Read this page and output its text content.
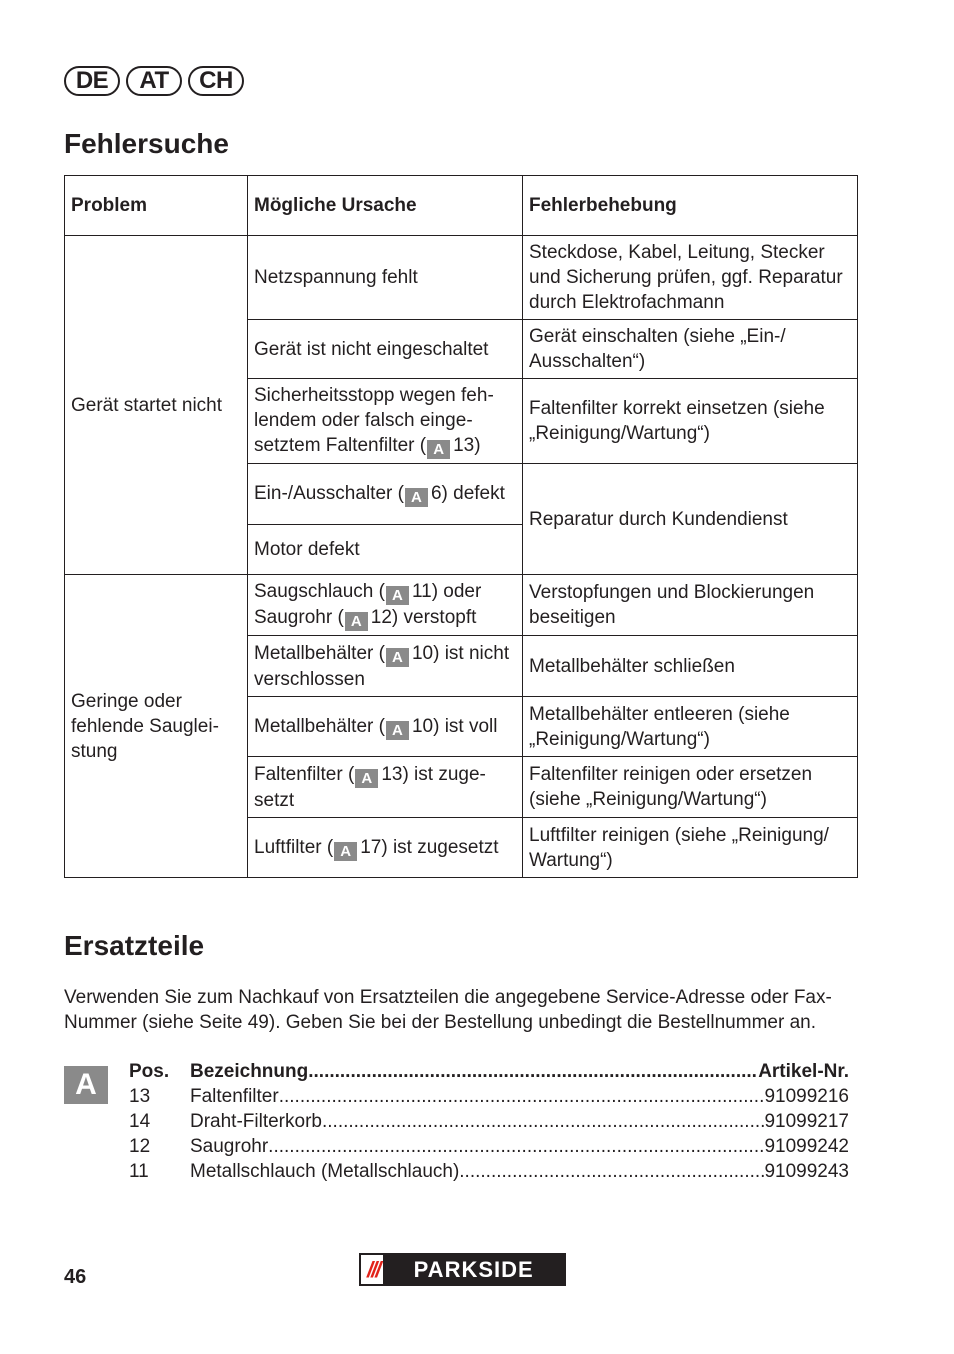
DE	AT	CH
Fehlersuche
Problem	Mögliche Ursache	Fehlerbehebung
Gerät startet nicht	Netzspannung fehlt	Steckdose, Kabel, Leitung, Stecker und Sicherung prüfen, ggf. Reparatur durch Elektrofachmann
	Gerät ist nicht eingeschaltet	Gerät einschalten (siehe „Ein-/ Ausschalten“)
	Sicherheitsstopp wegen fehlendem oder falsch eingesetztem Faltenfilter ( A 13)	Faltenfilter korrekt einsetzen (siehe „Reinigung/Wartung“)
	Ein-/Ausschalter ( A 6) defekt	Reparatur durch Kundendienst
	Motor defekt	
Geringe oder fehlende Saugleistung	Saugschlauch ( A 11) oder Saugrohr ( A 12) verstopft	Verstopfungen und Blockierungen beseitigen
	Metallbehälter ( A 10) ist nicht verschlossen	Metallbehälter schließen
	Metallbehälter ( A 10) ist voll	Metallbehälter entleeren (siehe „Reinigung/Wartung“)
	Faltenfilter ( A 13) ist zugesetzt	Faltenfilter reinigen oder ersetzen (siehe „Reinigung/Wartung“)
	Luftfilter ( A 17) ist zugesetzt	Luftfilter reinigen (siehe „Reinigung/ Wartung“)
Ersatzteile

Verwenden Sie zum Nachkauf von Ersatzteilen die angegebene Service-Adresse oder Fax-Nummer (siehe Seite 49). Geben Sie bei der Bestellung unbedingt die Bestellnummer an.

A	Pos.	Bezeichnung .....	Artikel-Nr.
13	Faltenfilter .....	91099216
14	Draht-Filterkorb .....	91099217
12	Saugrohr .....	91099242
11	Metallschlauch (Metallschlauch) .....	91099243
46	///	PARKSIDE
